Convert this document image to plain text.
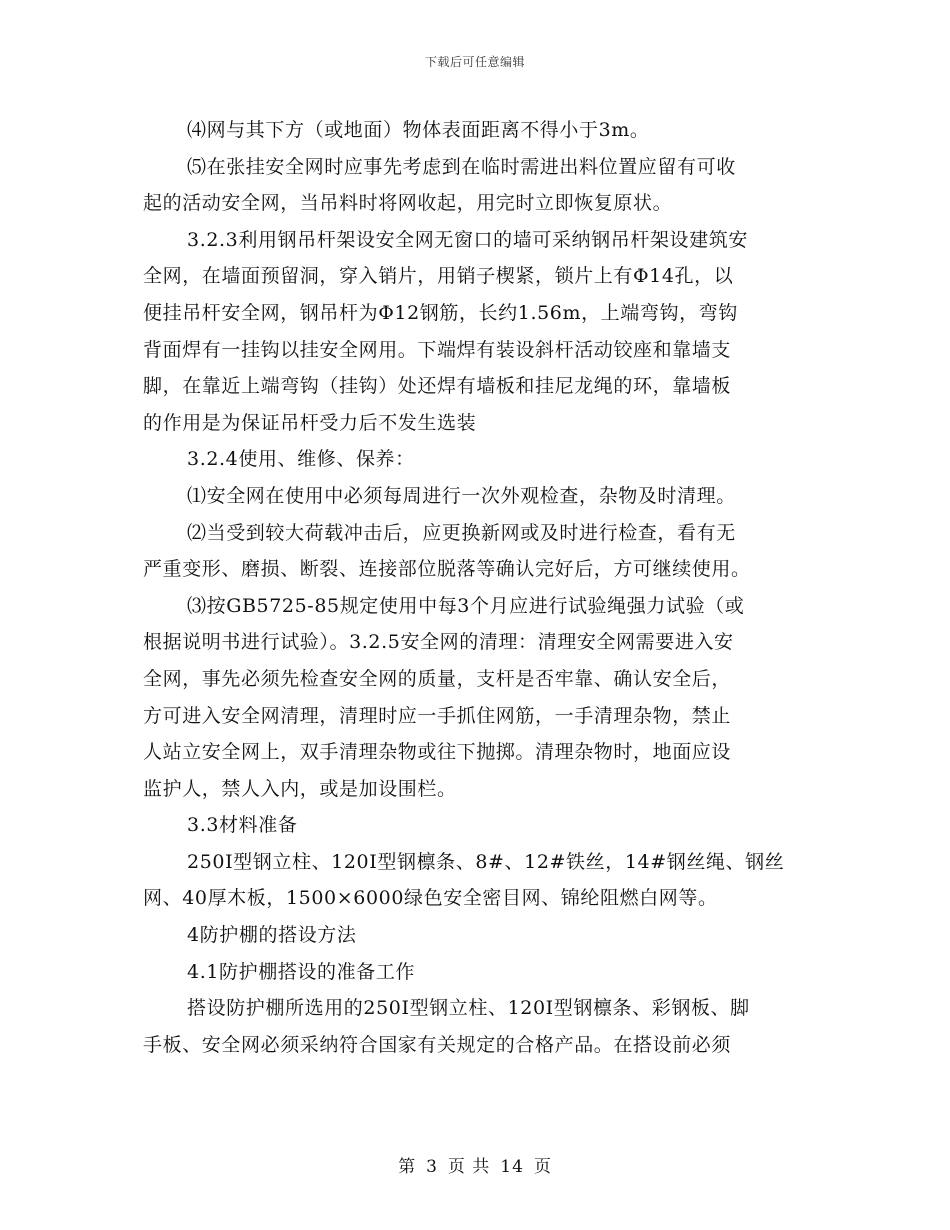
下载后可任意编辑
⑷网与其下方（或地面）物体表面距离不得小于3m。
⑸在张挂安全网时应事先考虑到在临时需进出料位置应留有可收
起的活动安全网，当吊料时将网收起，用完时立即恢复原状。
3.2.3利用钢吊杆架设安全网无窗口的墙可采纳钢吊杆架设建筑安
全网，在墙面预留洞，穿入销片，用销子楔紧，锁片上有Φ14孔，以
便挂吊杆安全网，钢吊杆为Φ12钢筋，长约1.56m，上端弯钩，弯钩
背面焊有一挂钩以挂安全网用。下端焊有装设斜杆活动铰座和靠墙支
脚，在靠近上端弯钩（挂钩）处还焊有墙板和挂尼龙绳的环，靠墙板
的作用是为保证吊杆受力后不发生选装
3.2.4使用、维修、保养：
⑴安全网在使用中必须每周进行一次外观检查，杂物及时清理。
⑵当受到较大荷载冲击后，应更换新网或及时进行检查，看有无
严重变形、磨损、断裂、连接部位脱落等确认完好后，方可继续使用。
⑶按GB5725-85规定使用中每3个月应进行试验绳强力试验（或
根据说明书进行试验）。3.2.5安全网的清理：清理安全网需要进入安
全网，事先必须先检查安全网的质量，支杆是否牢靠、确认安全后，
方可进入安全网清理，清理时应一手抓住网筋，一手清理杂物，禁止
人站立安全网上，双手清理杂物或往下抛掷。清理杂物时，地面应设
监护人，禁人入内，或是加设围栏。
3.3材料准备
250I型钢立柱、120I型钢檩条、8#、12#铁丝，14#钢丝绳、钢丝
网、40厚木板，1500×6000绿色安全密目网、锦纶阻燃白网等。
4防护棚的搭设方法
4.1防护棚搭设的准备工作
搭设防护棚所选用的250I型钢立柱、120I型钢檩条、彩钢板、脚
手板、安全网必须采纳符合国家有关规定的合格产品。在搭设前必须
第 3 页 共 14 页
